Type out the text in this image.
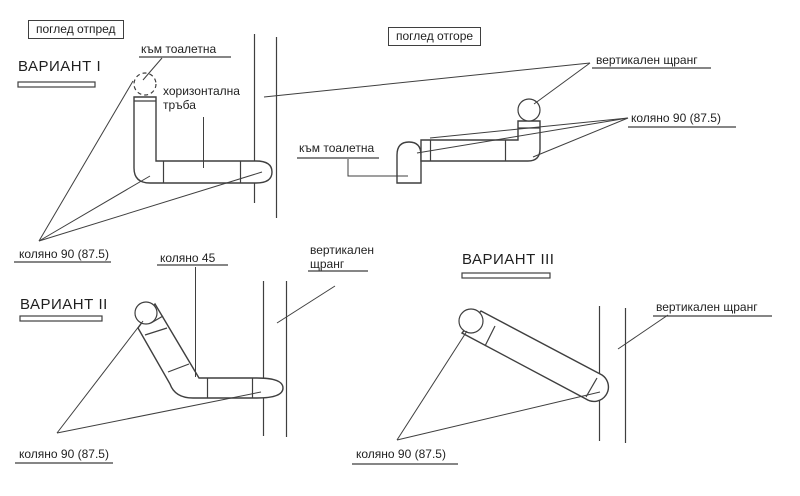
поглед отпред	поглед отгоре
ВАРИАНТ I
ВАРИАНТ II
ВАРИАНТ III
към тоалетна
към тоалетна
хоризонтална тръба
вертикален щранг
вертикален щранг
вертикален щранг
коляно 90 (87.5)
коляно 90 (87.5)
коляно 90 (87.5)	коляно 90 (87.5)
коляно 45
